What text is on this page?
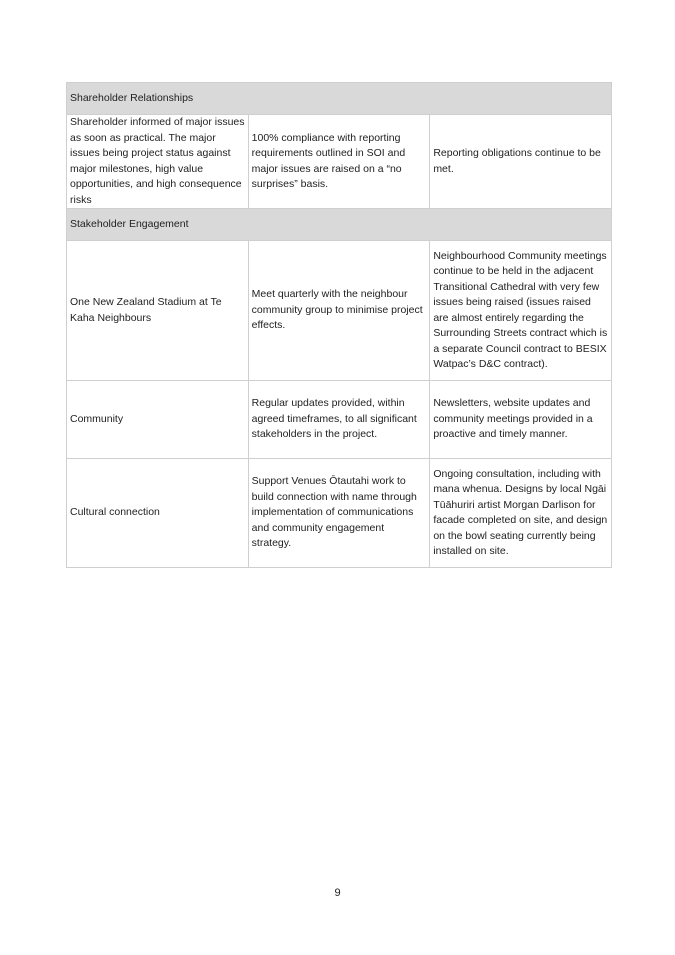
Shareholder Relationships		

Shareholder informed of major issues as soon as practical. The major issues being project status against major milestones, high value opportunities, and high consequence risks	100% compliance with reporting requirements outlined in SOI and major issues are raised on a “no surprises” basis.	Reporting obligations continue to be met.

Stakeholder Engagement		

One New Zealand Stadium at Te Kaha Neighbours	Meet quarterly with the neighbour community group to minimise project effects.	Neighbourhood Community meetings continue to be held in the adjacent Transitional Cathedral with very few issues being raised (issues raised are almost entirely regarding the Surrounding Streets contract which is a separate Council contract to BESIX Watpac’s D&C contract).

Community	Regular updates provided, within agreed timeframes, to all significant stakeholders in the project.	Newsletters, website updates and community meetings provided in a proactive and timely manner.

Cultural connection	Support Venues Ōtautahi work to build connection with name through implementation of communications and community engagement strategy.	Ongoing consultation, including with mana whenua. Designs by local Ngāi Tūāhuriri artist Morgan Darlison for facade completed on site, and design on the bowl seating currently being installed on site.
9
